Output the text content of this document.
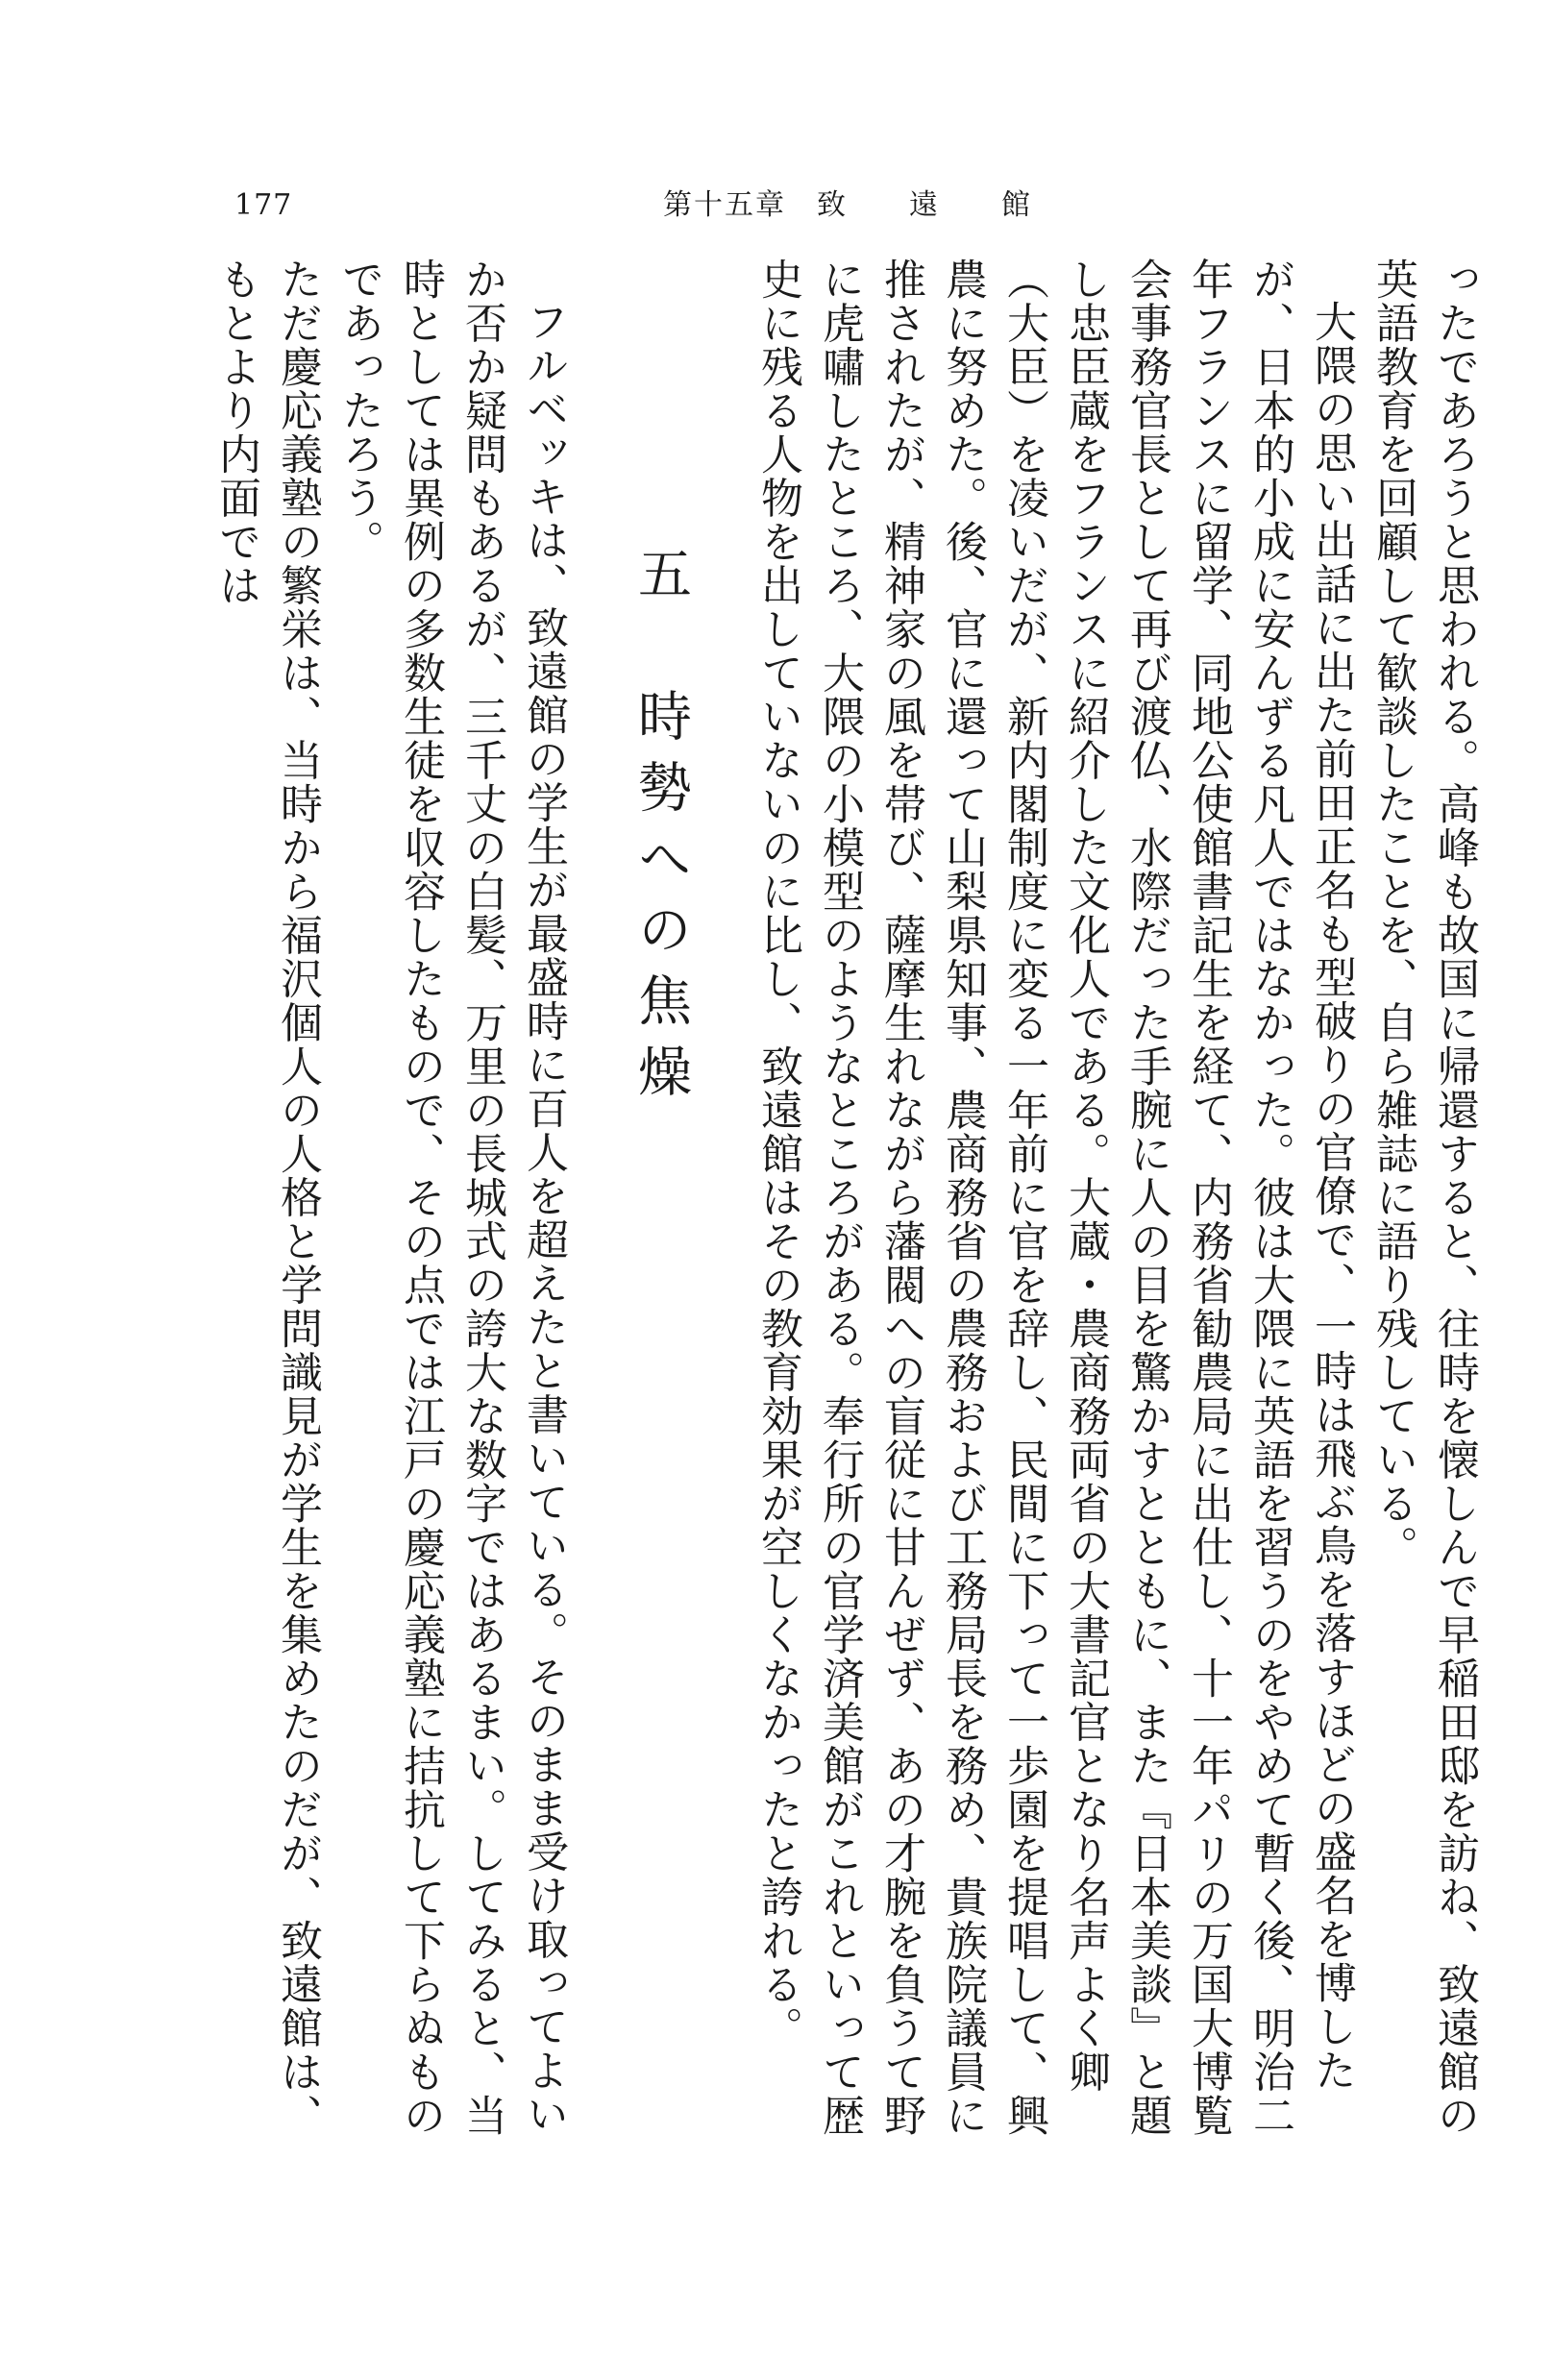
177	第十五章　致　　遠　　館

ったであろうと思われる。高峰も故国に帰還すると、往時を懐しんで早稲田邸を訪ね、致遠館の英語教育を回顧して歓談したことを、自ら雑誌に語り残している。

大隈の思い出話に出た前田正名も型破りの官僚で、一時は飛ぶ鳥を落すほどの盛名を博したが、日本的小成に安んずる凡人ではなかった。彼は大隈に英語を習うのをやめて暫く後、明治二年フランスに留学、同地公使館書記生を経て、内務省勧農局に出仕し、十一年パリの万国大博覧会事務官長として再び渡仏、水際だった手腕に人の目を驚かすとともに、また『日本美談』と題し忠臣蔵をフランスに紹介した文化人である。大蔵・農商務両省の大書記官となり名声よく卿（大臣）を凌いだが、新内閣制度に変る一年前に官を辞し、民間に下って一歩園を提唱して、興農に努めた。後、官に還って山梨県知事、農商務省の農務および工務局長を務め、貴族院議員に推されたが、精神家の風を帯び、薩摩生れながら藩閥への盲従に甘んぜず、あの才腕を負うて野に虎嘯したところ、大隈の小模型のようなところがある。奉行所の官学済美館がこれといって歴史に残る人物を出していないのに比し、致遠館はその教育効果が空しくなかったと誇れる。

五　時勢への焦燥

フルベッキは、致遠館の学生が最盛時に百人を超えたと書いている。そのまま受け取ってよいか否か疑問もあるが、三千丈の白髪、万里の長城式の誇大な数字ではあるまい。してみると、当時としては異例の多数生徒を収容したもので、その点では江戸の慶応義塾に拮抗して下らぬものであったろう。

ただ慶応義塾の繁栄は、当時から福沢個人の人格と学問識見が学生を集めたのだが、致遠館は、もとより内面では
